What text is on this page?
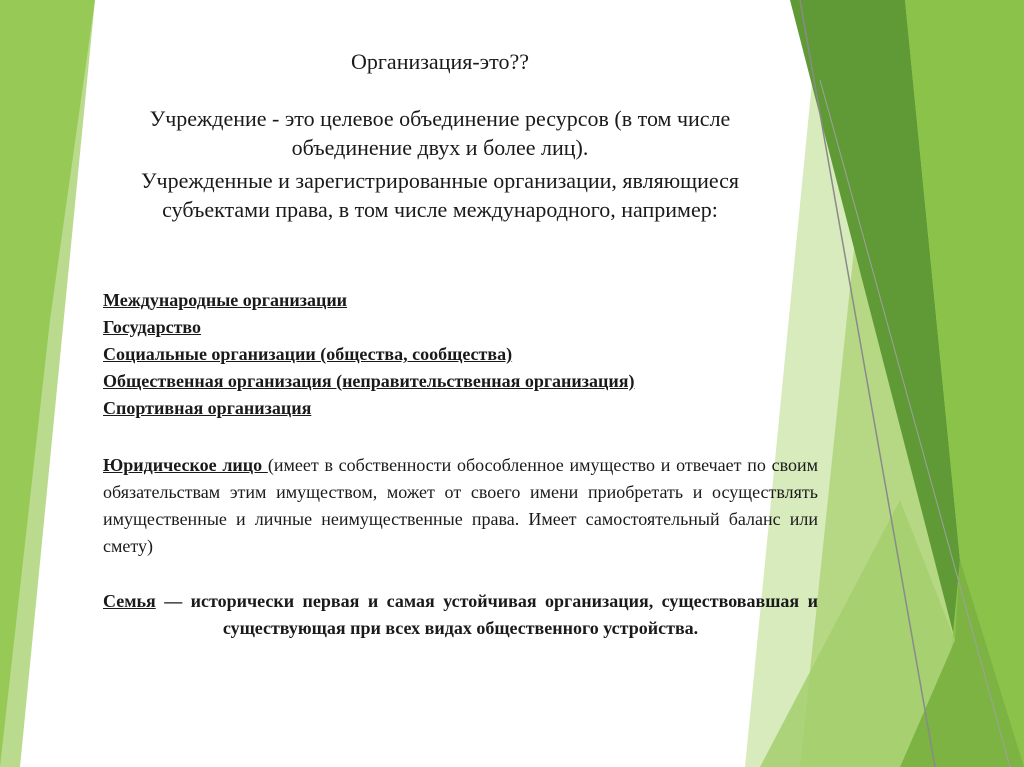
Организация-это??
Учреждение - это целевое объединение ресурсов (в том числе объединение двух и более лиц).
Учрежденные и зарегистрированные организации, являющиеся субъектами права, в том числе международного, например:
Международные организации
Государство
Социальные организации (общества, сообщества)
Общественная организация (неправительственная организация)
Спортивная организация
Юридическое лицо (имеет в собственности обособленное имущество и отвечает по своим обязательствам этим имуществом, может от своего имени приобретать и осуществлять имущественные и личные неимущественные права. Имеет самостоятельный баланс или смету)
Семья — исторически первая и самая устойчивая организация, существовавшая и существующая при всех видах общественного устройства.
